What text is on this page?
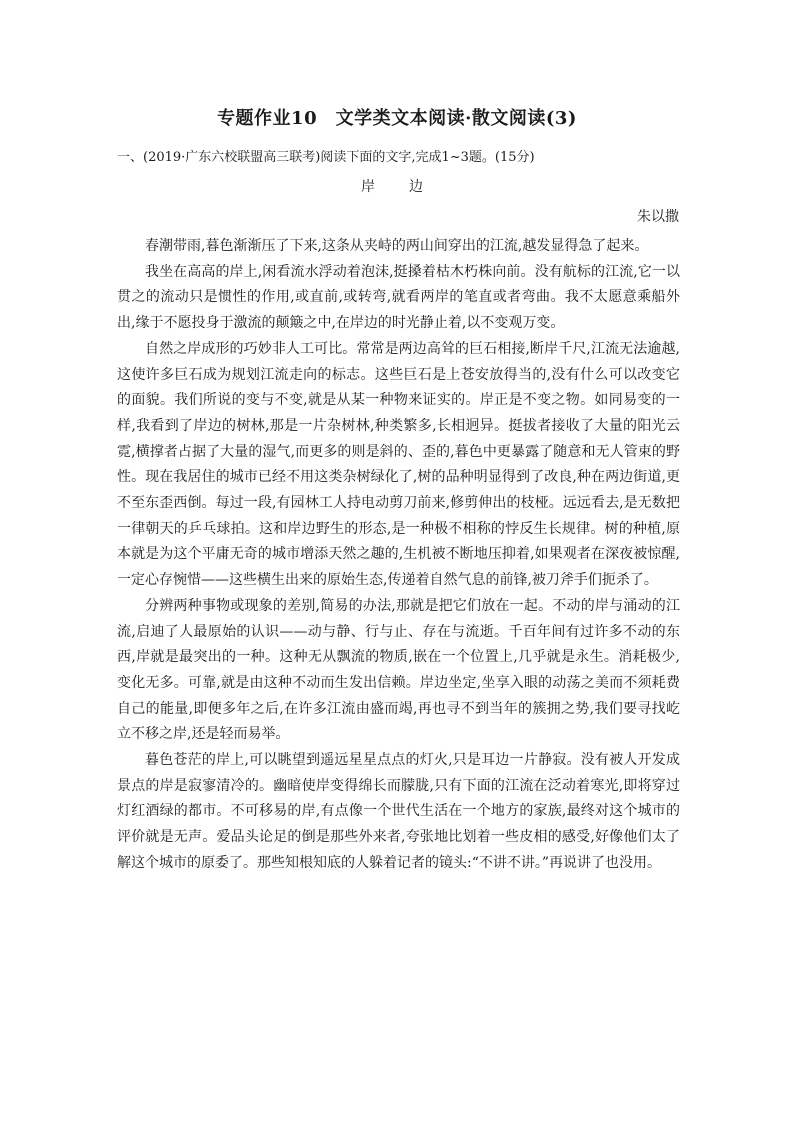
专题作业10　文学类文本阅读·散文阅读(3)

一、(2019·广东六校联盟高三联考)阅读下面的文字,完成1~3题。(15分)

岸　边

朱以撒

春潮带雨,暮色渐渐压了下来,这条从夹峙的两山间穿出的江流,越发显得急了起来。

我坐在高高的岸上,闲看流水浮动着泡沫,挺搡着枯木朽株向前。没有航标的江流,它一以贯之的流动只是惯性的作用,或直前,或转弯,就看两岸的笔直或者弯曲。我不太愿意乘船外出,缘于不愿投身于激流的颠簸之中,在岸边的时光静止着,以不变观万变。

自然之岸成形的巧妙非人工可比。常常是两边高耸的巨石相接,断岸千尺,江流无法逾越,这使许多巨石成为规划江流走向的标志。这些巨石是上苍安放得当的,没有什么可以改变它的面貌。我们所说的变与不变,就是从某一种物来证实的。岸正是不变之物。如同易变的一样,我看到了岸边的树林,那是一片杂树林,种类繁多,长相迥异。挺拔者接收了大量的阳光云霓,横撑者占据了大量的湿气,而更多的则是斜的、歪的,暮色中更暴露了随意和无人管束的野性。现在我居住的城市已经不用这类杂树绿化了,树的品种明显得到了改良,种在两边街道,更不至东歪西倒。每过一段,有园林工人持电动剪刀前来,修剪伸出的枝桠。远远看去,是无数把一律朝天的乒乓球拍。这和岸边野生的形态,是一种极不相称的悖反生长规律。树的种植,原本就是为这个平庸无奇的城市增添天然之趣的,生机被不断地压抑着,如果观者在深夜被惊醒,一定心存惋惜——这些横生出来的原始生态,传递着自然气息的前锋,被刀斧手们扼杀了。

分辨两种事物或现象的差别,简易的办法,那就是把它们放在一起。不动的岸与涌动的江流,启迪了人最原始的认识——动与静、行与止、存在与流逝。千百年间有过许多不动的东西,岸就是最突出的一种。这种无从飘流的物质,嵌在一个位置上,几乎就是永生。消耗极少,变化无多。可靠,就是由这种不动而生发出信赖。岸边坐定,坐享入眼的动荡之美而不须耗费自己的能量,即便多年之后,在许多江流由盛而竭,再也寻不到当年的簇拥之势,我们要寻找屹立不移之岸,还是轻而易举。

暮色苍茫的岸上,可以眺望到遥远星星点点的灯火,只是耳边一片静寂。没有被人开发成景点的岸是寂寥清冷的。幽暗使岸变得绵长而朦胧,只有下面的江流在泛动着寒光,即将穿过灯红酒绿的都市。不可移易的岸,有点像一个世代生活在一个地方的家族,最终对这个城市的评价就是无声。爱品头论足的倒是那些外来者,夸张地比划着一些皮相的感受,好像他们太了解这个城市的原委了。那些知根知底的人躲着记者的镜头:“不讲不讲。”再说讲了也没用。
